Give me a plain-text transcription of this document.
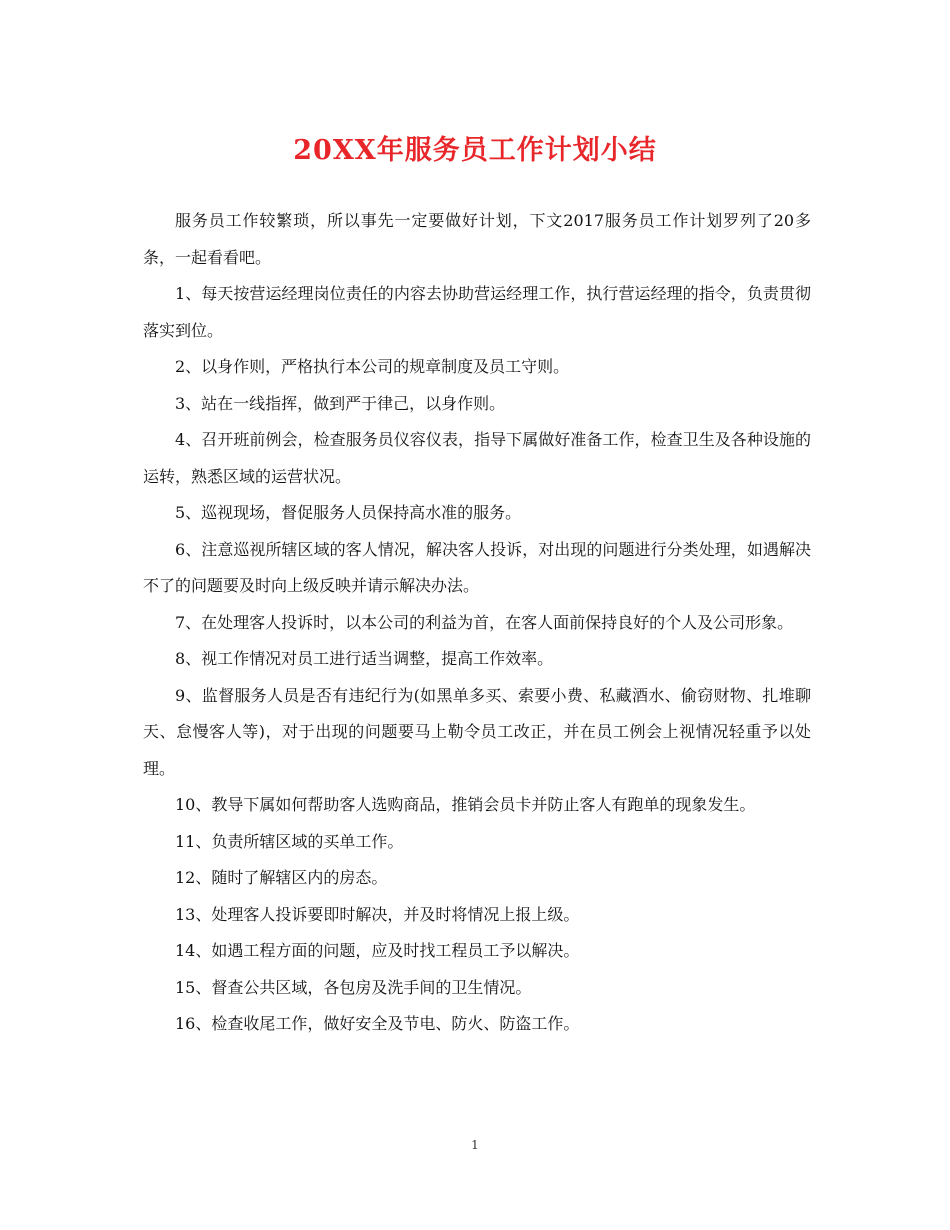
20XX年服务员工作计划小结

服务员工作较繁琐，所以事先一定要做好计划，下文2017服务员工作计划罗列了20多条，一起看看吧。

1、每天按营运经理岗位责任的内容去协助营运经理工作，执行营运经理的指令，负责贯彻落实到位。

2、以身作则，严格执行本公司的规章制度及员工守则。

3、站在一线指挥，做到严于律己，以身作则。

4、召开班前例会，检查服务员仪容仪表，指导下属做好准备工作，检查卫生及各种设施的运转，熟悉区域的运营状况。

5、巡视现场，督促服务人员保持高水准的服务。

6、注意巡视所辖区域的客人情况，解决客人投诉，对出现的问题进行分类处理，如遇解决不了的问题要及时向上级反映并请示解决办法。

7、在处理客人投诉时，以本公司的利益为首，在客人面前保持良好的个人及公司形象。

8、视工作情况对员工进行适当调整，提高工作效率。

9、监督服务人员是否有违纪行为(如黑单多买、索要小费、私藏酒水、偷窃财物、扎堆聊天、怠慢客人等)，对于出现的问题要马上勒令员工改正，并在员工例会上视情况轻重予以处理。

10、教导下属如何帮助客人选购商品，推销会员卡并防止客人有跑单的现象发生。

11、负责所辖区域的买单工作。

12、随时了解辖区内的房态。

13、处理客人投诉要即时解决，并及时将情况上报上级。

14、如遇工程方面的问题，应及时找工程员工予以解决。

15、督查公共区域，各包房及洗手间的卫生情况。

16、检查收尾工作，做好安全及节电、防火、防盗工作。

1
